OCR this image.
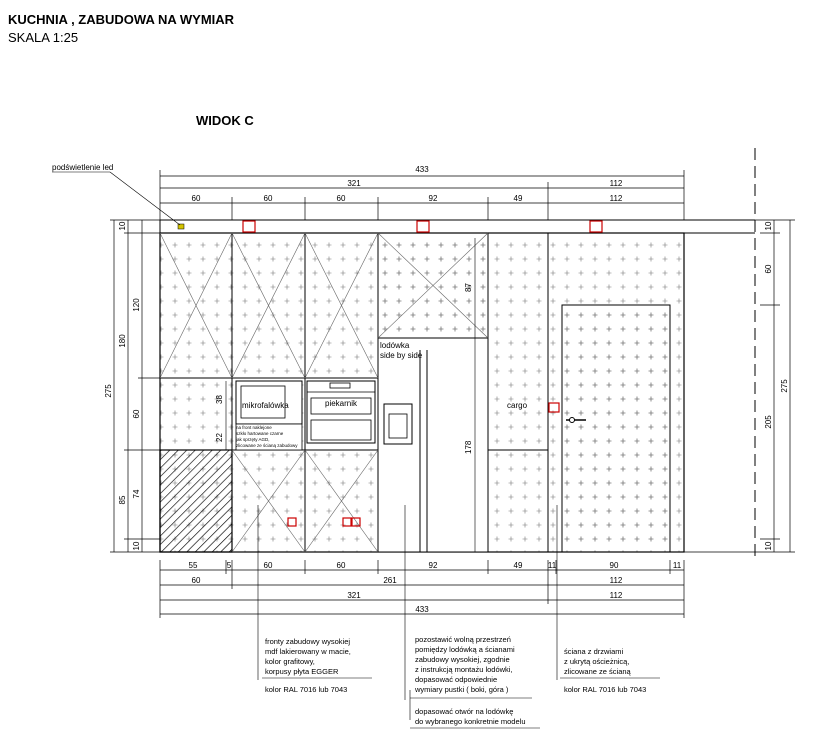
KUCHNIA , ZABUDOWA NA WYMIAR
SKALA 1:25
WIDOK C
podświetlenie led
mikrofalówka	piekarnik
lodówka
side by side
cargo
na front naklejone
szkło hartowane czarne
jak sprzęty AGD,
zlicowane ze ścianą zabudowy
38
22
87
178
433
321	112
60	60	60	92	49	112
55	5	60	60	92	49	11	90	11
60	261	112
321	112
433
275
180
85
10
120
60
74
10
275
10
60
205
10
fronty zabudowy wysokiej
mdf lakierowany w macie,
kolor grafitowy,
korpusy płyta EGGER
kolor RAL 7016 lub 7043
pozostawić wolną przestrzeń
pomiędzy lodówką a ścianami
zabudowy wysokiej, zgodnie
z instrukcją montażu lodówki,
dopasować odpowiednie
wymiary pustki ( boki, góra )
dopasować otwór na lodówkę
do wybranego konkretnie modelu
ściana z drzwiami
z ukrytą ościeżnicą,
zlicowane ze ścianą
kolor RAL 7016 lub 7043
